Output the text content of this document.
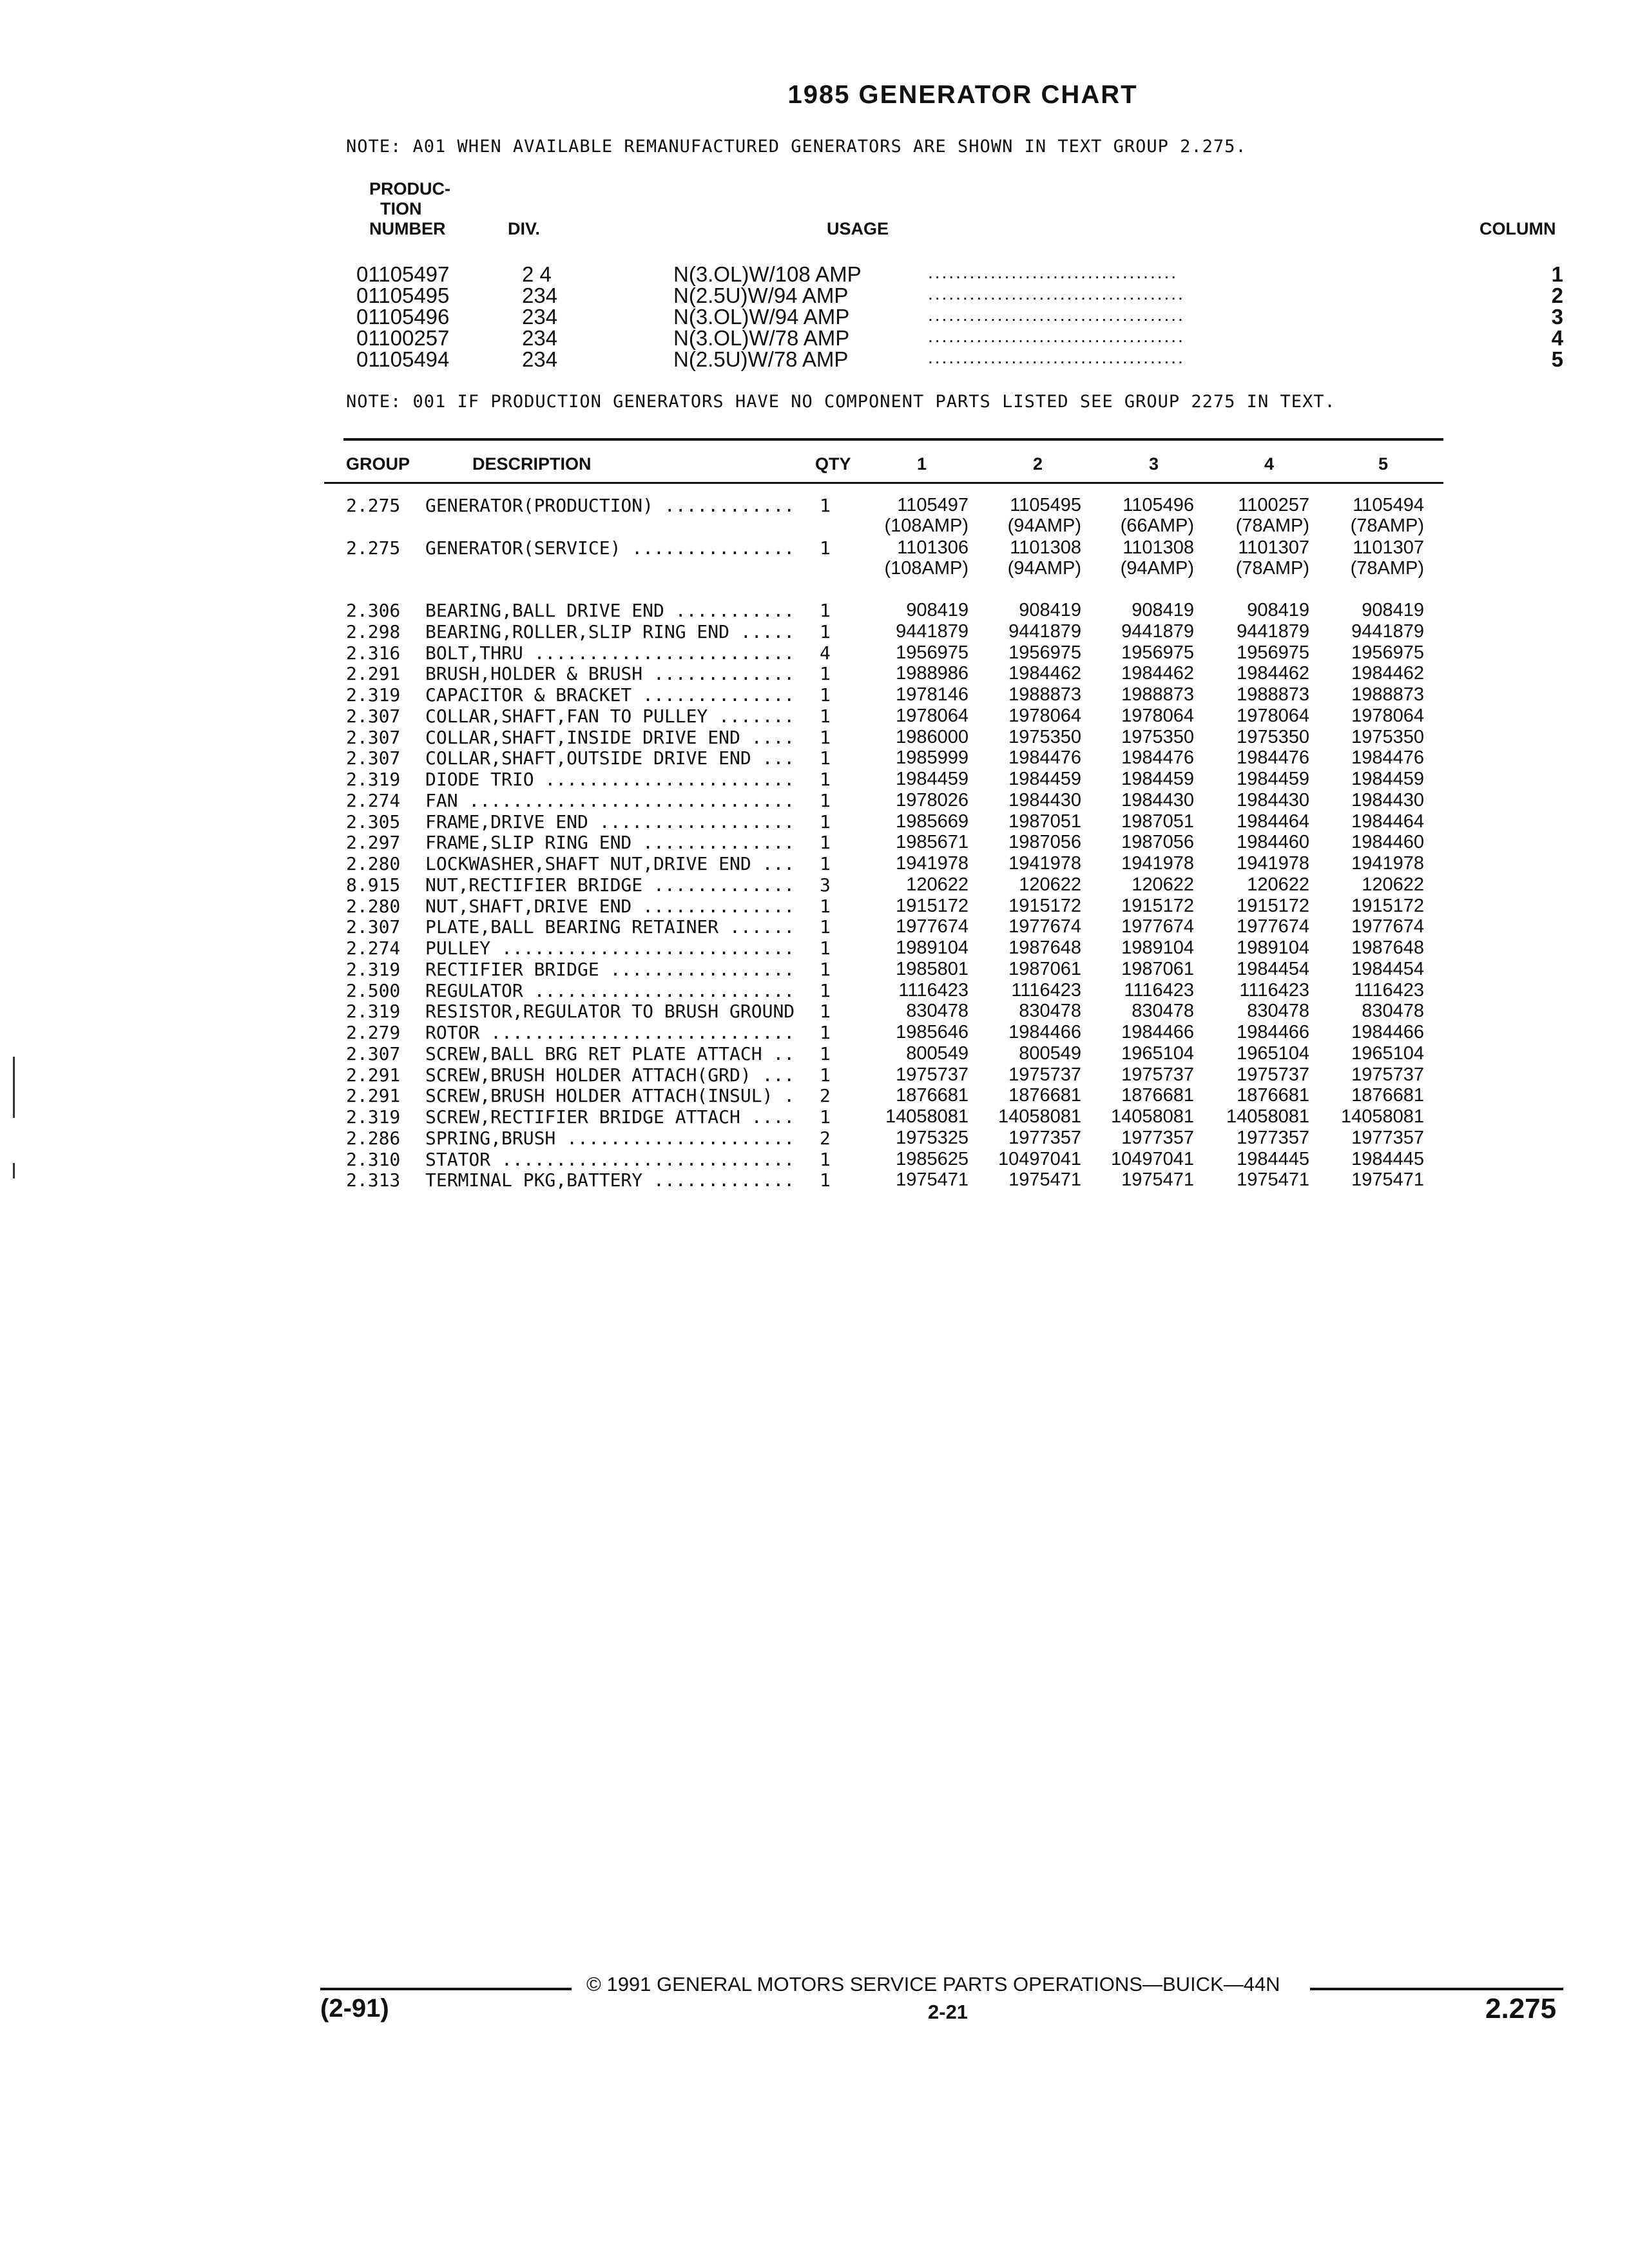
1985 GENERATOR CHART
NOTE: A01 WHEN AVAILABLE REMANUFACTURED GENERATORS ARE SHOWN IN TEXT GROUP 2.275.
PRODUC-
TION
NUMBER	DIV.	USAGE	COLUMN
01105497	2 4	N(3.OL)W/108 AMP	....................................	1
01105495	234	N(2.5U)W/94 AMP	.....................................	2
01105496	234	N(3.OL)W/94 AMP	.....................................	3
01100257	234	N(3.OL)W/78 AMP	.....................................	4
01105494	234	N(2.5U)W/78 AMP	.....................................	5
NOTE: 001 IF PRODUCTION GENERATORS HAVE NO COMPONENT PARTS LISTED SEE GROUP 2275 IN TEXT.
GROUP	DESCRIPTION	QTY	1	2	3	4	5
2.275 GENERATOR(PRODUCTION) ............ 1	1105497	1105495	1105496	1100257	1105494
(108AMP)	(94AMP)	(66AMP)	(78AMP)	(78AMP)
2.275 GENERATOR(SERVICE) ............... 1	1101306	1101308	1101308	1101307	1101307
(108AMP)	(94AMP)	(94AMP)	(78AMP)	(78AMP)
2.306 BEARING,BALL DRIVE END ........... 1	908419	908419	908419	908419	908419
2.298 BEARING,ROLLER,SLIP RING END ..... 1	9441879	9441879	9441879	9441879	9441879
2.316 BOLT,THRU ........................ 4	1956975	1956975	1956975	1956975	1956975
2.291 BRUSH,HOLDER & BRUSH ............. 1	1988986	1984462	1984462	1984462	1984462
2.319 CAPACITOR & BRACKET .............. 1	1978146	1988873	1988873	1988873	1988873
2.307 COLLAR,SHAFT,FAN TO PULLEY ....... 1	1978064	1978064	1978064	1978064	1978064
2.307 COLLAR,SHAFT,INSIDE DRIVE END .... 1	1986000	1975350	1975350	1975350	1975350
2.307 COLLAR,SHAFT,OUTSIDE DRIVE END ... 1	1985999	1984476	1984476	1984476	1984476
2.319 DIODE TRIO ....................... 1	1984459	1984459	1984459	1984459	1984459
2.274 FAN .............................. 1	1978026	1984430	1984430	1984430	1984430
2.305 FRAME,DRIVE END .................. 1	1985669	1987051	1987051	1984464	1984464
2.297 FRAME,SLIP RING END .............. 1	1985671	1987056	1987056	1984460	1984460
2.280 LOCKWASHER,SHAFT NUT,DRIVE END ... 1	1941978	1941978	1941978	1941978	1941978
8.915 NUT,RECTIFIER BRIDGE ............. 3	120622	120622	120622	120622	120622
2.280 NUT,SHAFT,DRIVE END .............. 1	1915172	1915172	1915172	1915172	1915172
2.307 PLATE,BALL BEARING RETAINER ...... 1	1977674	1977674	1977674	1977674	1977674
2.274 PULLEY ........................... 1	1989104	1987648	1989104	1989104	1987648
2.319 RECTIFIER BRIDGE ................. 1	1985801	1987061	1987061	1984454	1984454
2.500 REGULATOR ........................ 1	1116423	1116423	1116423	1116423	1116423
2.319 RESISTOR,REGULATOR TO BRUSH GROUND 1	830478	830478	830478	830478	830478
2.279 ROTOR ............................ 1	1985646	1984466	1984466	1984466	1984466
2.307 SCREW,BALL BRG RET PLATE ATTACH .. 1	800549	800549	1965104	1965104	1965104
2.291 SCREW,BRUSH HOLDER ATTACH(GRD) ... 1	1975737	1975737	1975737	1975737	1975737
2.291 SCREW,BRUSH HOLDER ATTACH(INSUL) . 2	1876681	1876681	1876681	1876681	1876681
2.319 SCREW,RECTIFIER BRIDGE ATTACH .... 1	14058081	14058081	14058081	14058081	14058081
2.286 SPRING,BRUSH ..................... 2	1975325	1977357	1977357	1977357	1977357
2.310 STATOR ........................... 1	1985625	10497041	10497041	1984445	1984445
2.313 TERMINAL PKG,BATTERY ............. 1	1975471	1975471	1975471	1975471	1975471
© 1991 GENERAL MOTORS SERVICE PARTS OPERATIONS—BUICK—44N
(2-91)	2-21	2.275
